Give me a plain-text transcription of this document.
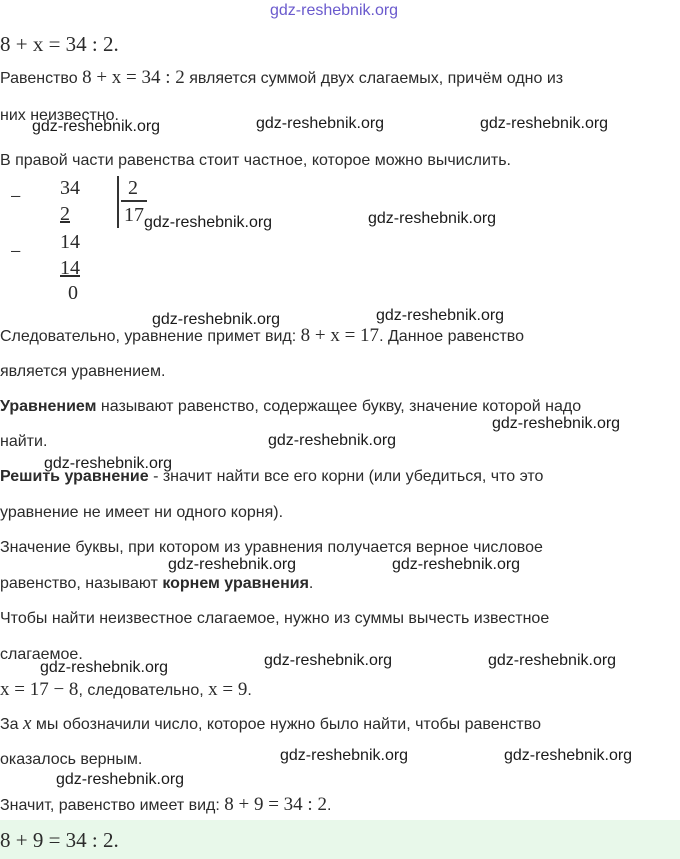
gdz-reshebnik.org
8 + x = 34 : 2.
Равенство 8 + x = 34 : 2 является суммой двух слагаемых, причём одно из
них неизвестно.
В правой части равенства стоит частное, которое можно вычислить.
− 34
2
2
17
14
−
14
0
Следовательно, уравнение примет вид: 8 + x = 17. Данное равенство
является уравнением.
Уравнением называют равенство, содержащее букву, значение которой надо
найти.
Решить уравнение - значит найти все его корни (или убедиться, что это
уравнение не имеет ни одного корня).
Значение буквы, при котором из уравнения получается верное числовое
равенство, называют корнем уравнения.
Чтобы найти неизвестное слагаемое, нужно из суммы вычесть известное
слагаемое.
x = 17 − 8, следовательно, x = 9.
За x мы обозначили число, которое нужно было найти, чтобы равенство
оказалось верным.
Значит, равенство имеет вид: 8 + 9 = 34 : 2.
8 + 9 = 34 : 2.
gdz-reshebnik.org	gdz-reshebnik.org	gdz-reshebnik.org
gdz-reshebnik.org	gdz-reshebnik.org
gdz-reshebnik.org	gdz-reshebnik.org
gdz-reshebnik.org
gdz-reshebnik.org
gdz-reshebnik.org
gdz-reshebnik.org	gdz-reshebnik.org
gdz-reshebnik.org	gdz-reshebnik.org	gdz-reshebnik.org
gdz-reshebnik.org	gdz-reshebnik.org
gdz-reshebnik.org
